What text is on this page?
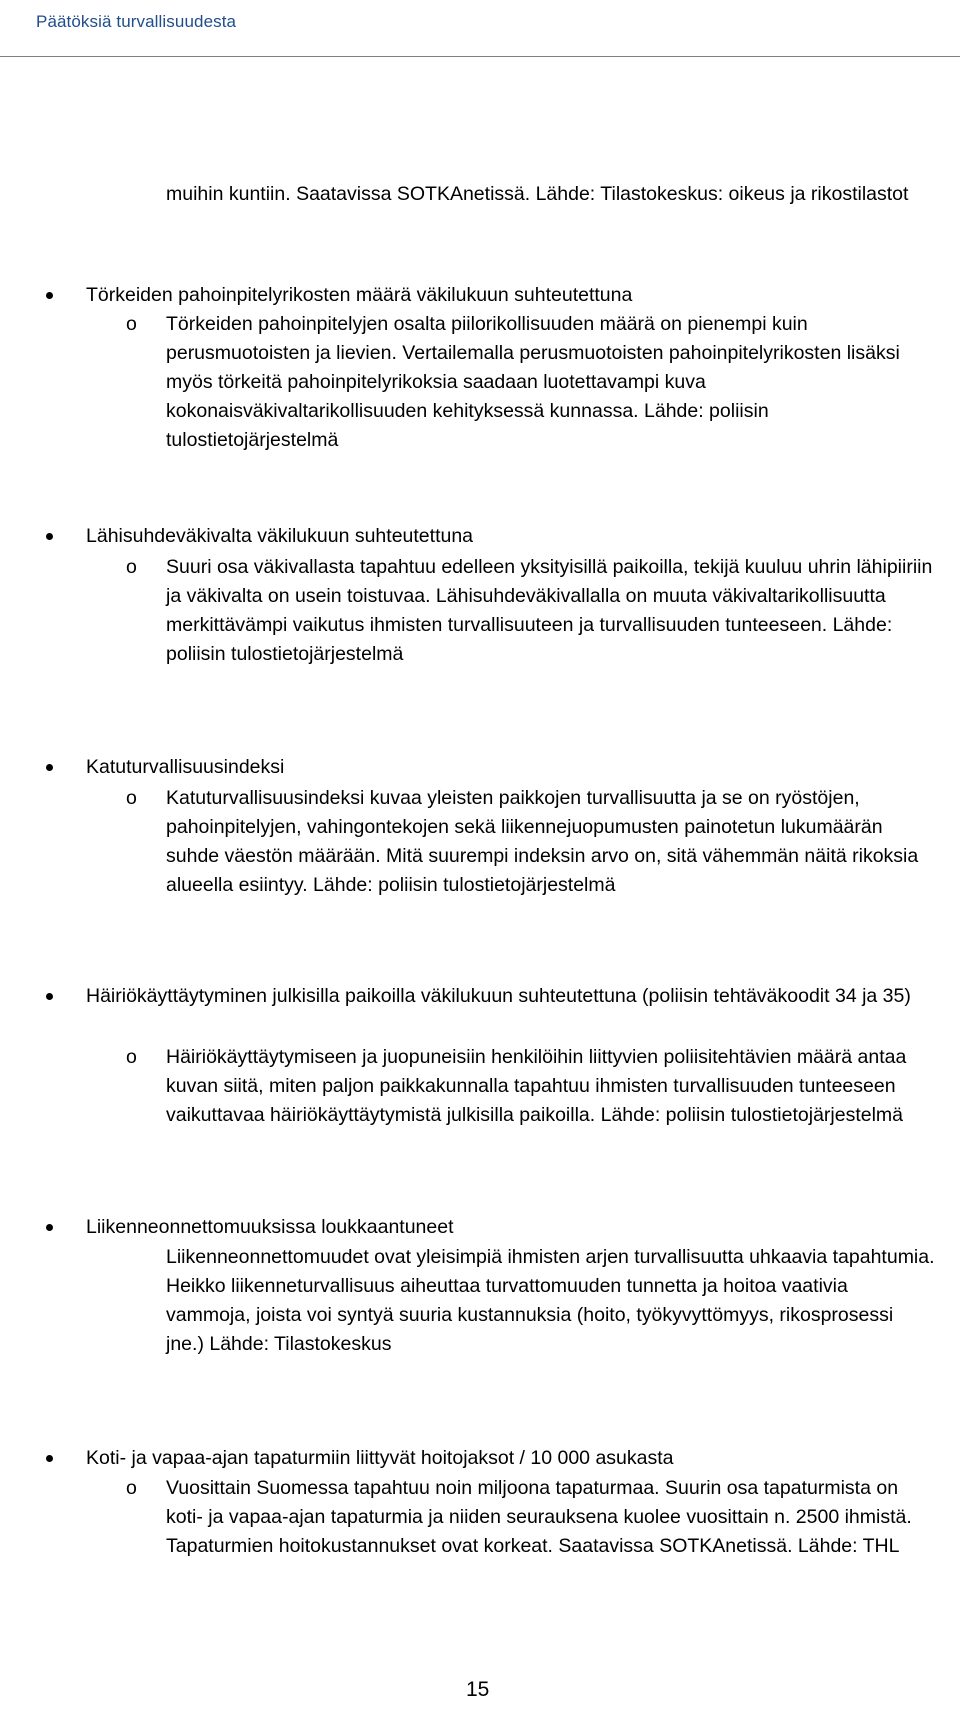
Päätöksiä turvallisuudesta
muihin kuntiin. Saatavissa SOTKAnetissä. Lähde: Tilastokeskus: oikeus ja rikostilastot
Törkeiden pahoinpitelyrikosten määrä väkilukuun suhteutettuna
o Törkeiden pahoinpitelyjen osalta piilorikollisuuden määrä on pienempi kuin perusmuotoisten ja lievien. Vertailemalla perusmuotoisten pahoinpitelyrikosten lisäksi myös törkeitä pahoinpitelyrikoksia saadaan luotettavampi kuva kokonaisväkivaltarikollisuuden kehityksessä kunnassa. Lähde: poliisin tulostietojärjestelmä
Lähisuhdeväkivalta väkilukuun suhteutettuna
o Suuri osa väkivallasta tapahtuu edelleen yksityisillä paikoilla, tekijä kuuluu uhrin lähipiiriin ja väkivalta on usein toistuvaa. Lähisuhdeväkivallalla on muuta väkivaltarikollisuutta merkittävämpi vaikutus ihmisten turvallisuuteen ja turvallisuuden tunteeseen. Lähde: poliisin tulostietojärjestelmä
Katuturvallisuusindeksi
o Katuturvallisuusindeksi kuvaa yleisten paikkojen turvallisuutta ja se on ryöstöjen, pahoinpitelyjen, vahingontekojen sekä liikennejuopumusten painotetun lukumäärän suhde väestön määrään. Mitä suurempi indeksin arvo on, sitä vähemmän näitä rikoksia alueella esiintyy. Lähde: poliisin tulostietojärjestelmä
Häiriökäyttäytyminen julkisilla paikoilla väkilukuun suhteutettuna (poliisin tehtäväkoodit 34 ja 35)
o Häiriökäyttäytymiseen ja juopuneisiin henkilöihin liittyvien poliisitehtävien määrä antaa kuvan siitä, miten paljon paikkakunnalla tapahtuu ihmisten turvallisuuden tunteeseen vaikuttavaa häiriökäyttäytymistä julkisilla paikoilla. Lähde: poliisin tulostietojärjestelmä
Liikenneonnettomuuksissa loukkaantuneet
Liikenneonnettomuudet ovat yleisimpiä ihmisten arjen turvallisuutta uhkaavia tapahtumia. Heikko liikenneturvallisuus aiheuttaa turvattomuuden tunnetta ja hoitoa vaativia vammoja, joista voi syntyä suuria kustannuksia (hoito, työkyvyttömyys, rikosprosessi jne.) Lähde: Tilastokeskus
Koti- ja vapaa-ajan tapaturmiin liittyvät hoitojaksot / 10 000 asukasta
o Vuosittain Suomessa tapahtuu noin miljoona tapaturmaa. Suurin osa tapaturmista on koti- ja vapaa-ajan tapaturmia ja niiden seurauksena kuolee vuosittain n. 2500 ihmistä. Tapaturmien hoitokustannukset ovat korkeat. Saatavissa SOTKAnetissä. Lähde: THL
15
